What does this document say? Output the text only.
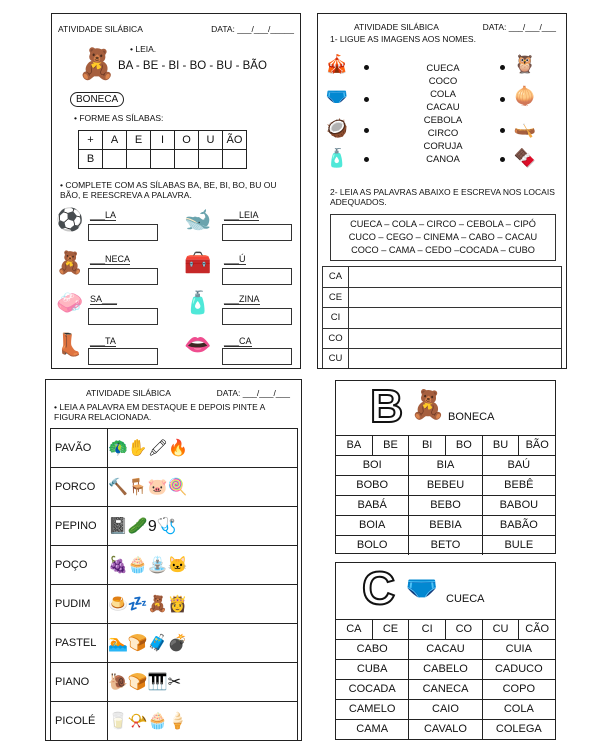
ATIVIDADE SILÁBICA	DATA: ___/___/_____
🧸 • LEIA.
BA - BE - BI - BO - BU - BÃO
BONECA
• FORME AS SÍLABAS:
+	A	E	I	O	U	ÃO
B						
• COMPLETE COM AS SÍLABAS BA, BE, BI, BO, BU OU BÃO, E REESCREVA A PALAVRA.
⚽ ___LA	🐋 ___LEIA
🧸 ___NECA 🧰 ___Ú
🧼 SA___	🧴 ___ZINA
👢 ___TA	👄 ___CA
ATIVIDADE SILÁBICA	DATA: ___/___/___
1- LIGUE AS IMAGENS AOS NOMES.
🎪
🩲
🥥
🧴
CUECA
COCO
COLA
CACAU
CEBOLA
CIRCO
CORUJA
CANOA
🦉
🧅
🛶
🍫
2- LEIA AS PALAVRAS ABAIXO E ESCREVA NOS LOCAIS ADEQUADOS.
CUECA – COLA – CIRCO – CEBOLA – CIPÓ
CUCO – CEGO – CINEMA – CABO – CACAU
COCO – CAMA – CEDO –COCADA – CUBO
CA	
CE	
CI	
CO	
CU	
ATIVIDADE SILÁBICA	DATA: ___/___/___
• LEIA A PALAVRA EM DESTAQUE E DEPOIS PINTE A FIGURA RELACIONADA.
PAVÃO	🦚✋🖍🔥

PORCO	🔨🪑🐷🍭

PEPINO	📓🥒9🩺

POÇO	🍇🧁⛲🐱

PUDIM	🍮💤🧸👸

PASTEL	🏊🍞🧳💣

PIANO	🐌🍞🎹✂

PICOLÉ	🥛📯🧁🍦
B 🧸 BONECA
BA	BE	BI	BO	BU	BÃO
BOI	BIA	BAÚ
BOBO	BEBEU	BEBÊ
BABÁ	BEBO	BABOU
BOIA	BEBIA	BABÃO
BOLO	BETO	BULE
C 🩲 CUECA
CA	CE	CI	CO	CU	CÃO
CABO	CACAU	CUIA
CUBA	CABELO	CADUCO
COCADA	CANECA	COPO
CAMELO	CAIO	COLA
CAMA	CAVALO	COLEGA
